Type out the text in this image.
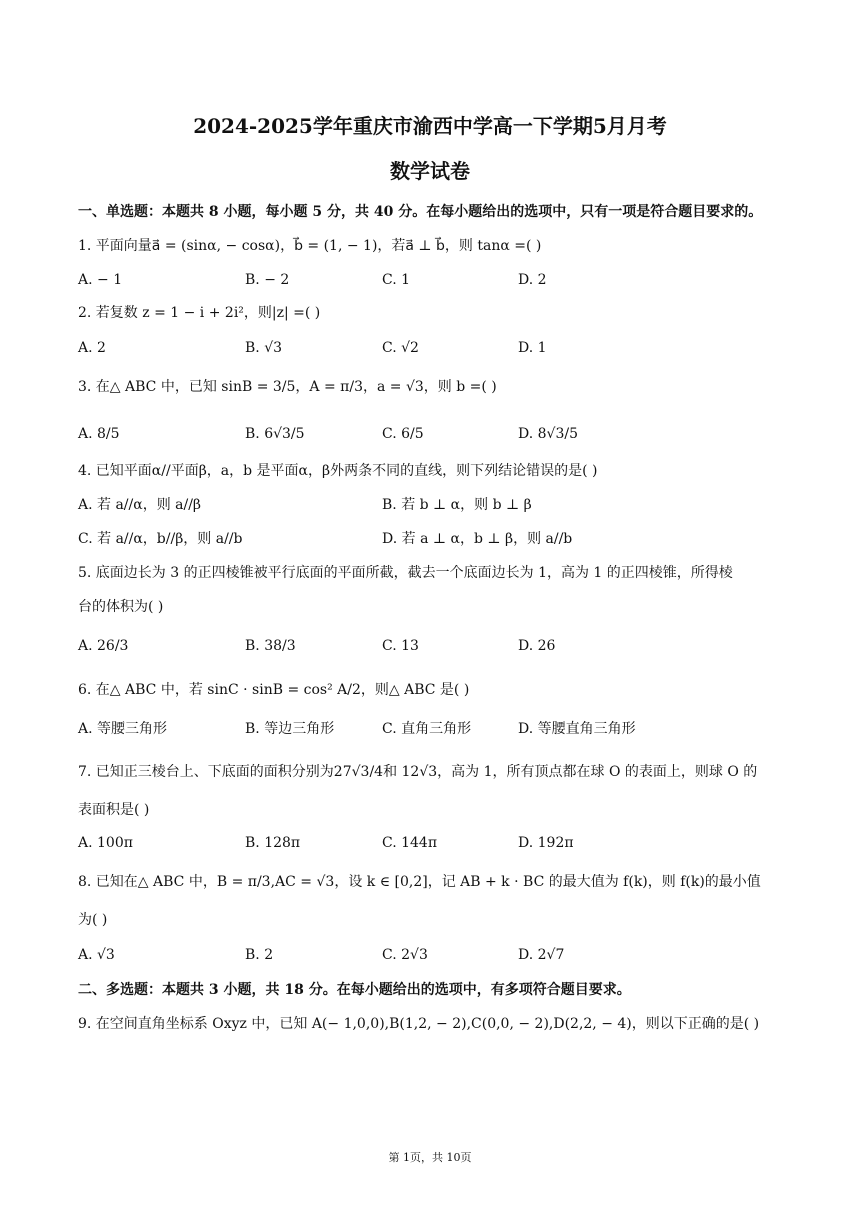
2024-2025学年重庆市渝西中学高一下学期5月月考
数学试卷
一、单选题：本题共 8 小题，每小题 5 分，共 40 分。在每小题给出的选项中，只有一项是符合题目要求的。
1. 平面向量a⃗ = (sinα, − cosα)，b⃗ = (1, − 1)，若a⃗ ⊥ b⃗，则 tanα =( )
A. − 1	B. − 2	C. 1	D. 2
2. 若复数 z = 1 − i + 2i²，则|z| =( )
A. 2	B. √3	C. √2	D. 1
3. 在△ ABC 中，已知 sinB = 3/5，A = π/3，a = √3，则 b =( )
A. 8/5	B. 6√3/5	C. 6/5	D. 8√3/5
4. 已知平面α//平面β，a，b 是平面α，β外两条不同的直线，则下列结论错误的是( )
A. 若 a//α，则 a//β	B. 若 b ⊥ α，则 b ⊥ β
C. 若 a//α，b//β，则 a//b	D. 若 a ⊥ α，b ⊥ β，则 a//b
5. 底面边长为 3 的正四棱锥被平行底面的平面所截，截去一个底面边长为 1，高为 1 的正四棱锥，所得棱
台的体积为( )
A. 26/3	B. 38/3	C. 13	D. 26
6. 在△ ABC 中，若 sinC · sinB = cos² A/2，则△ ABC 是( )
A. 等腰三角形	B. 等边三角形	C. 直角三角形	D. 等腰直角三角形
7. 已知正三棱台上、下底面的面积分别为27√3/4和 12√3，高为 1，所有顶点都在球 O 的表面上，则球 O 的
表面积是( )
A. 100π	B. 128π	C. 144π	D. 192π
8. 已知在△ ABC 中，B = π/3,AC = √3，设 k ∈ [0,2]，记 AB + k · BC 的最大值为 f(k)，则 f(k)的最小值
为( )
A. √3	B. 2	C. 2√3	D. 2√7
二、多选题：本题共 3 小题，共 18 分。在每小题给出的选项中，有多项符合题目要求。
9. 在空间直角坐标系 Oxyz 中，已知 A(− 1,0,0),B(1,2, − 2),C(0,0, − 2),D(2,2, − 4)，则以下正确的是( )
第 1页，共 10页
